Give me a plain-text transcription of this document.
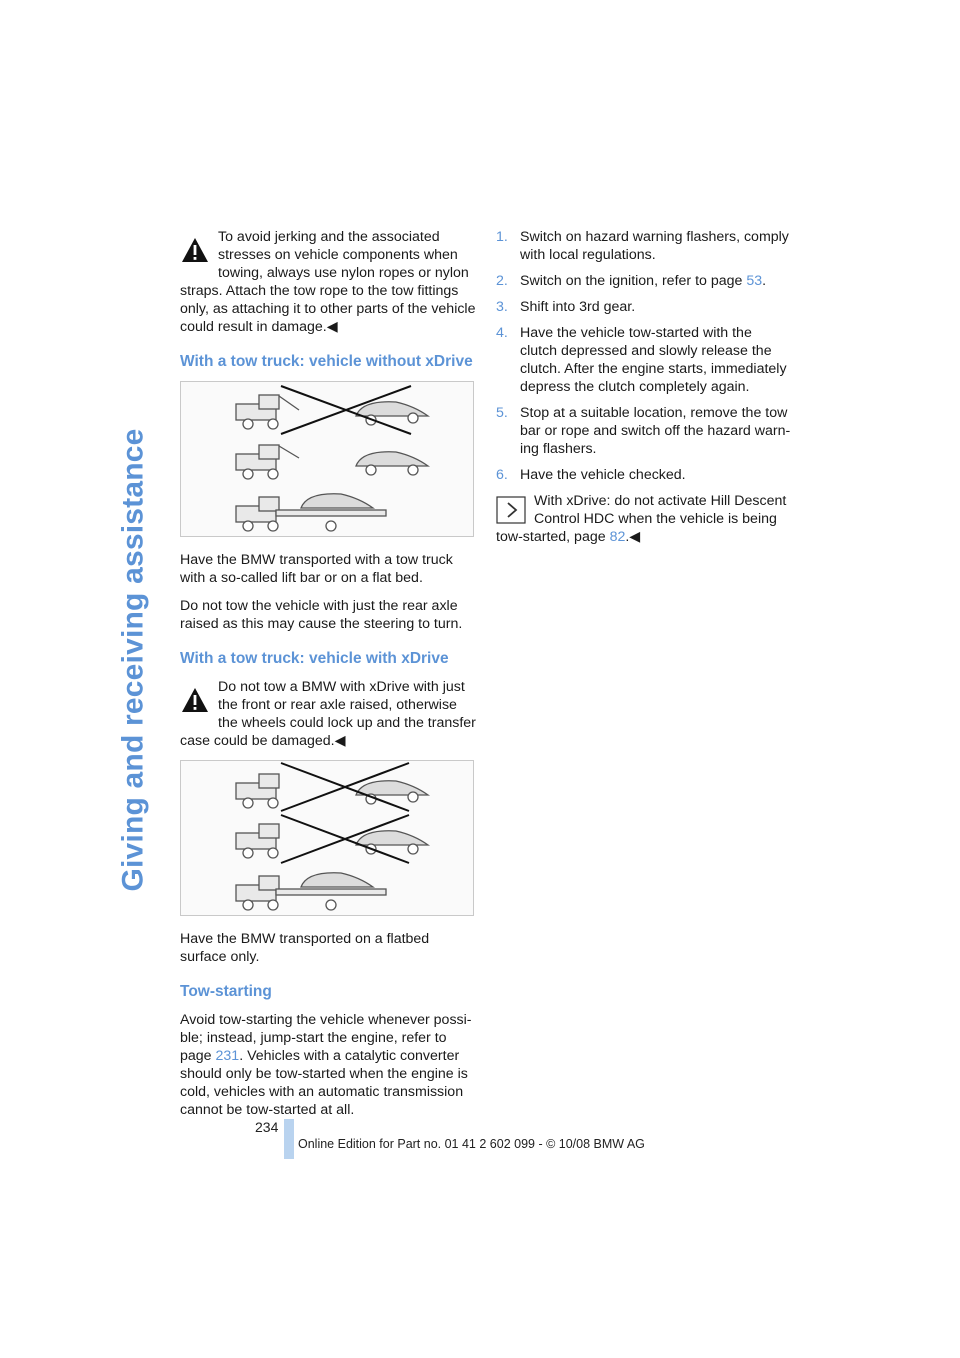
Giving and receiving assistance
To avoid jerking and the associated
stresses on vehicle components when towing, always use nylon ropes or nylon straps. Attach the tow rope to the tow fittings only, as attaching it to other parts of the vehicle could result in damage.◀
With a tow truck: vehicle without xDrive

Have the BMW transported with a tow truck with a so-called lift bar or on a flat bed.

Do not tow the vehicle with just the rear axle raised as this may cause the steering to turn.

With a tow truck: vehicle with xDrive
Do not tow a BMW with xDrive with just
the front or rear axle raised, otherwise the wheels could lock up and the transfer case could be damaged.◀

Have the BMW transported on a flatbed surface only.

Tow-starting

Avoid tow-starting the vehicle whenever possi-ble; instead, jump-start the engine, refer to page 231. Vehicles with a catalytic converter should only be tow-started when the engine is cold, vehicles with an automatic transmission cannot be tow-started at all.

1. Switch on hazard warning flashers, comply with local regulations.
2. Switch on the ignition, refer to page 53.
3. Shift into 3rd gear.
4. Have the vehicle tow-started with the clutch depressed and slowly release the clutch. After the engine starts, immediately depress the clutch completely again.
5. Stop at a suitable location, remove the tow bar or rope and switch off the hazard warn-ing flashers.
6. Have the vehicle checked.
With xDrive: do not activate Hill Descent Control HDC when the vehicle is being tow-started, page 82.◀
234
Online Edition for Part no. 01 41 2 602 099 - © 10/08 BMW AG
